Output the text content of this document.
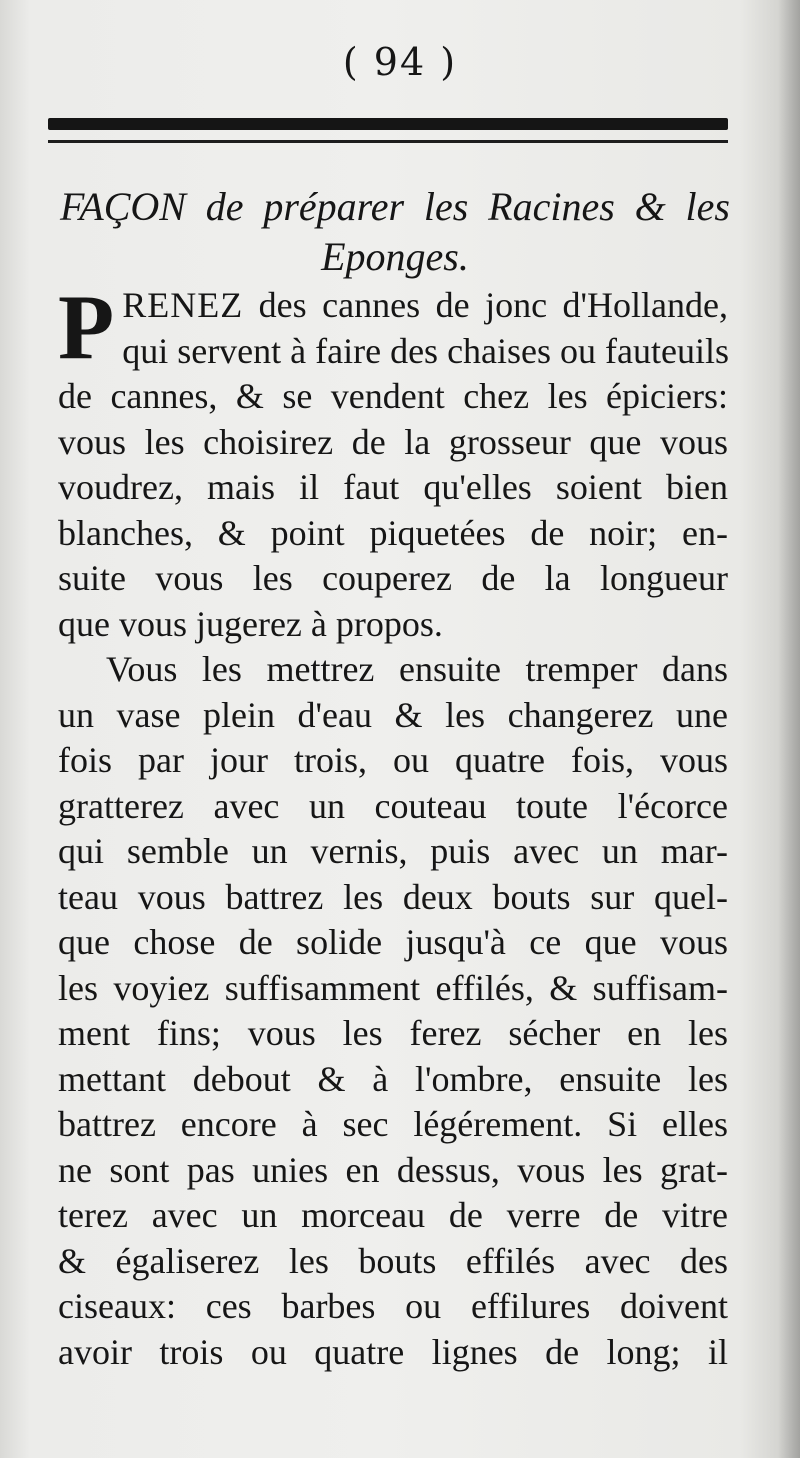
( 94 )
FAÇON de préparer les Racines & les
Eponges.
P RENEZ des cannes de jonc d'Hollande,
qui servent à faire des chaises ou fauteuils
de cannes, & se vendent chez les épiciers:
vous les choisirez de la grosseur que vous
voudrez, mais il faut qu'elles soient bien
blanches, & point piquetées de noir; en-
suite vous les couperez de la longueur
que vous jugerez à propos.
Vous les mettrez ensuite tremper dans
un vase plein d'eau & les changerez une
fois par jour trois, ou quatre fois, vous
gratterez avec un couteau toute l'écorce
qui semble un vernis, puis avec un mar-
teau vous battrez les deux bouts sur quel-
que chose de solide jusqu'à ce que vous
les voyiez suffisamment effilés, & suffisam-
ment fins; vous les ferez sécher en les
mettant debout & à l'ombre, ensuite les
battrez encore à sec légérement. Si elles
ne sont pas unies en dessus, vous les grat-
terez avec un morceau de verre de vitre
& égaliserez les bouts effilés avec des
ciseaux: ces barbes ou effilures doivent
avoir trois ou quatre lignes de long; il
